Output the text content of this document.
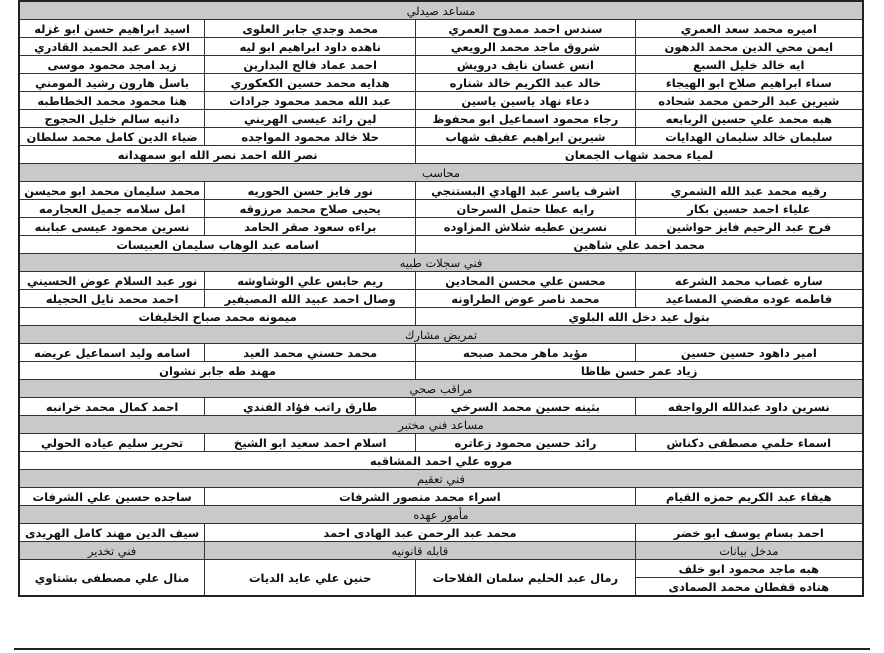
مساعد صيدلي			
اميره محمد سعد العمري	سندس احمد ممدوح العمري	محمد وجدي جابر العلوى	اسيد ابراهيم حسن ابو غزله
ايمن محي الدين محمد الدهون	شروق ماجد محمد الرويعي	ناهده داود ابراهيم ابو ليه	الاء عمر عبد الحميد القادري
ايه خالد خليل السبع	انس غسان نايف درويش	احمد عماد فالح البدارين	زيد امجد محمود موسى
سناء ابراهيم صلاح ابو الهيجاء	خالد عبد الكريم خالد شناره	هدايه محمد حسين الكعكوري	باسل هارون رشيد المومني
شيرين عبد الرحمن محمد شحاده	دعاء نهاد ياسين ياسين	عبد الله محمد محمود جرادات	هنا محمود محمد الخطاطبه
هبه محمد علي حسين الربابعه	رجاء محمود اسماعيل ابو محفوظ	لين رائد عيسى الهريني	دانيه سالم خليل الحجوج
سليمان خالد سليمان الهدايات	شيرين ابراهيم عفيف شهاب	حلا خالد محمود المواجده	ضياء الدين كامل محمد سلطان
لمياء محمد شهاب الجمعان		نصر الله احمد نصر الله ابو سمهدانه	
محاسب			
رقيه محمد عبد الله الشمري	اشرف ياسر عبد الهادي البستنجي	نور فايز حسن الحوريه	محمد سليمان محمد ابو محيسن
علياء احمد حسين بكار	رايه عطا حتمل السرحان	يحيى صلاح محمد مرزوقه	امل سلامه جميل العجارمه
فرح عبد الرحيم فايز حواشين	نسرين عطيه شلاش المزاوده	براءه سعود صقر الحامد	نسرين محمود عيسى عبابنه
محمد احمد علي شاهين		اسامه عبد الوهاب سليمان العبيسات	
فني سجلات طبيه			
ساره غصاب محمد الشرعه	محسن علي محسن المحادين	ريم حابس علي الوشاوشه	نور عبد السلام عوض الحسيني
فاطمه عوده مفضي المساعيد	محمد ناصر عوض الطراونه	وصال احمد عبيد الله المصيفير	احمد محمد نايل الحجيله
بتول عيد دخل الله البلوي		ميمونه محمد صباح الخليفات	
تمريض مشارك			
امير داهود حسين حسين	مؤيد ماهر محمد صبحه	محمد حسني محمد العيد	اسامه وليد اسماعيل عريضه
زياد عمر حسن ظاظا		مهند طه جابر نشوان	
مراقب صحي			
نسرين داود عبدالله الرواجفه	بثينه حسين محمد السرخي	طارق راتب فؤاد الفندي	احمد كمال محمد خرانبه
مساعد فني مختبر			
اسماء حلمي مصطفى دكناش	رائد حسين محمود زعاتره	اسلام احمد سعيد ابو الشيخ	تحرير سليم عياده الحولي
مروه علي احمد المشاقبه			
فني تعقيم			
هيفاء عبد الكريم حمزه القيام	اسراء محمد منصور الشرفات		ساجده حسين علي الشرفات
مأمور عهده			
احمد بسام يوسف ابو خضر	محمد عبد الرحمن عبد الهادى احمد		سيف الدين مهند كامل الهريدى
مدخل بيانات	قابله قانونيه		فني تخدير
هبه ماجد محمود ابو خلف	رمال عبد الحليم سلمان الفلاحات	حنين علي عايد الديات	منال علي مصطفى بشتاوي
هناده قفطان محمد الصمادى			
